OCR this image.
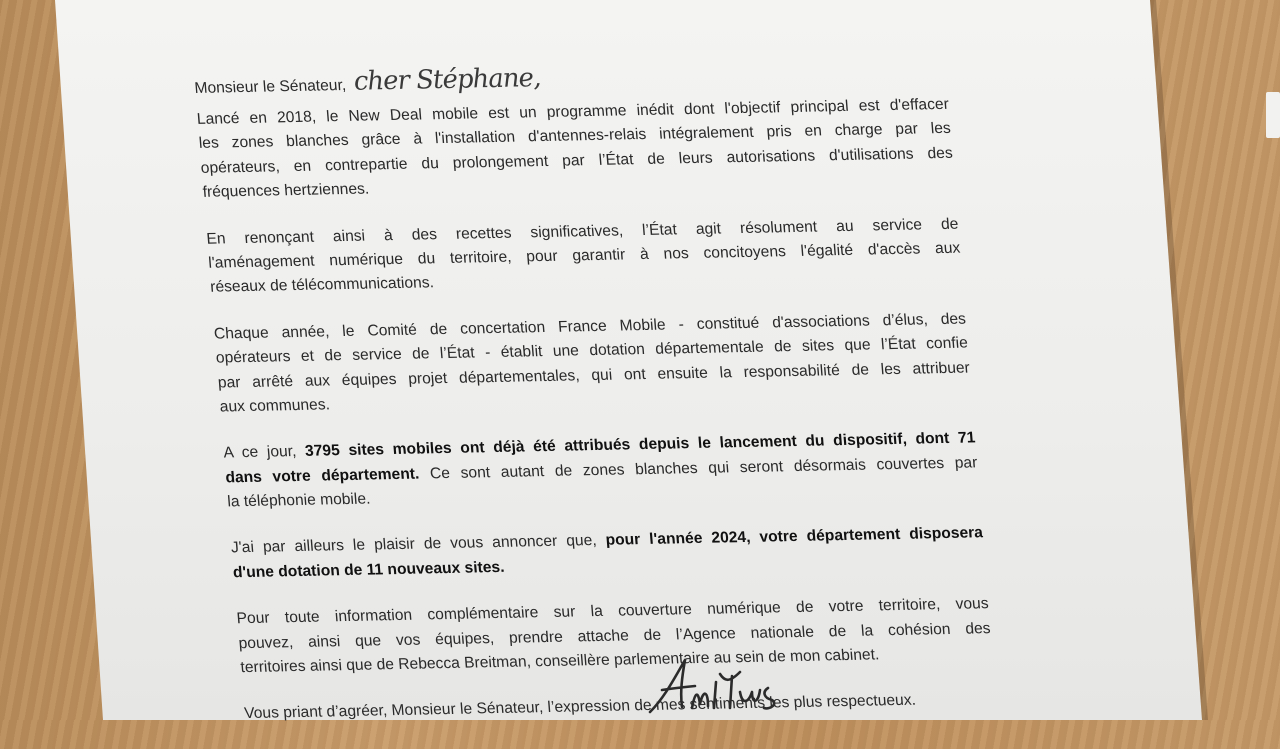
Monsieur le Sénateur, cher Stéphane,
Lancé en 2018, le New Deal mobile est un programme inédit dont l'objectif principal est d'effacer
les zones blanches grâce à l'installation d'antennes-relais intégralement pris en charge par les
opérateurs, en contrepartie du prolongement par l’État de leurs autorisations d'utilisations des
fréquences hertziennes.
En renonçant ainsi à des recettes significatives, l’État agit résolument au service de
l'aménagement numérique du territoire, pour garantir à nos concitoyens l'égalité d'accès aux
réseaux de télécommunications.
Chaque année, le Comité de concertation France Mobile - constitué d'associations d’élus, des
opérateurs et de service de l’État - établit une dotation départementale de sites que l’État confie
par arrêté aux équipes projet départementales, qui ont ensuite la responsabilité de les attribuer
aux communes.
A ce jour, 3795 sites mobiles ont déjà été attribués depuis le lancement du dispositif, dont 71
dans votre département. Ce sont autant de zones blanches qui seront désormais couvertes par
la téléphonie mobile.
J'ai par ailleurs le plaisir de vous annoncer que, pour l'année 2024, votre département disposera
d'une dotation de 11 nouveaux sites.
Pour toute information complémentaire sur la couverture numérique de votre territoire, vous
pouvez, ainsi que vos équipes, prendre attache de l’Agence nationale de la cohésion des
territoires ainsi que de Rebecca Breitman, conseillère parlementaire au sein de mon cabinet.
Vous priant d’agréer, Monsieur le Sénateur, l’expression de mes sentiments les plus respectueux.
